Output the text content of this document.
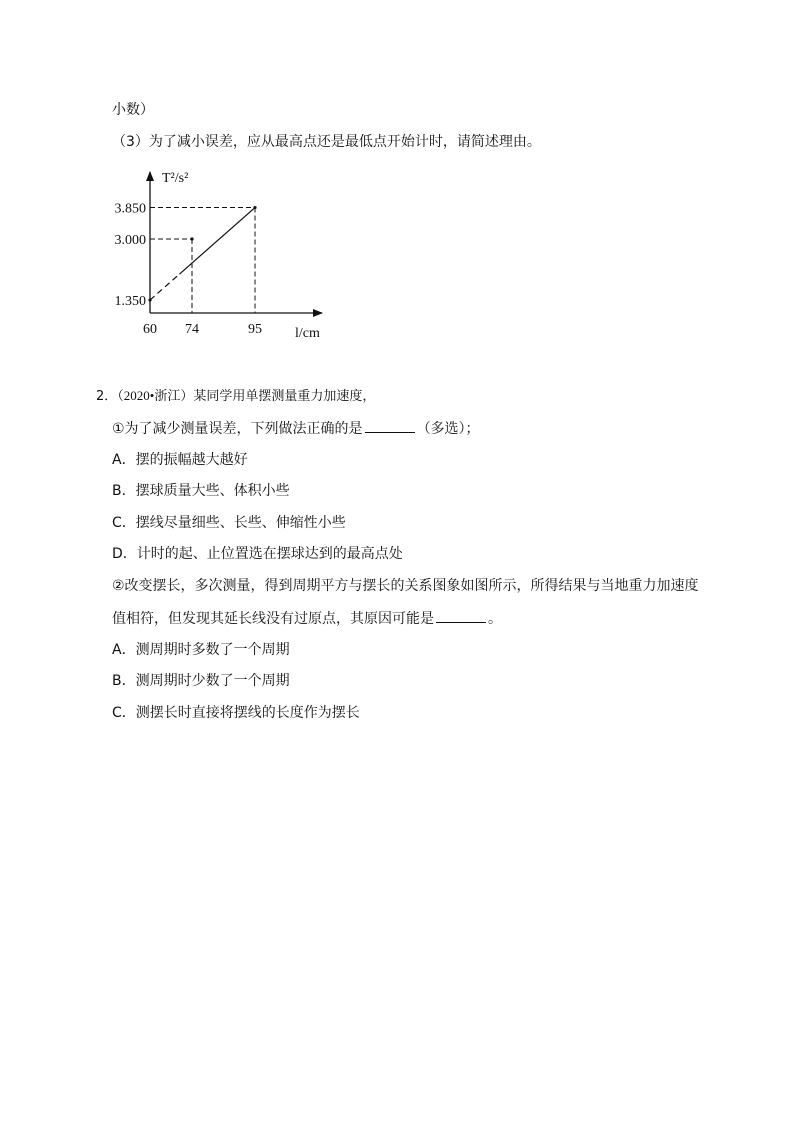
小数）
（3）为了减小误差，应从最高点还是最低点开始计时，请简述理由。
T²/s²
l/cm
60 74	95
1.350
3.000
3.850
2．（2020•浙江）某同学用单摆测量重力加速度，
①为了减少测量误差，下列做法正确的是	（多选）；
A．摆的振幅越大越好
B．摆球质量大些、体积小些
C．摆线尽量细些、长些、伸缩性小些
D．计时的起、止位置选在摆球达到的最高点处
②改变摆长，多次测量，得到周期平方与摆长的关系图象如图所示，所得结果与当地重力加速度
值相符，但发现其延长线没有过原点，其原因可能是	。
A．测周期时多数了一个周期
B．测周期时少数了一个周期
C．测摆长时直接将摆线的长度作为摆长
